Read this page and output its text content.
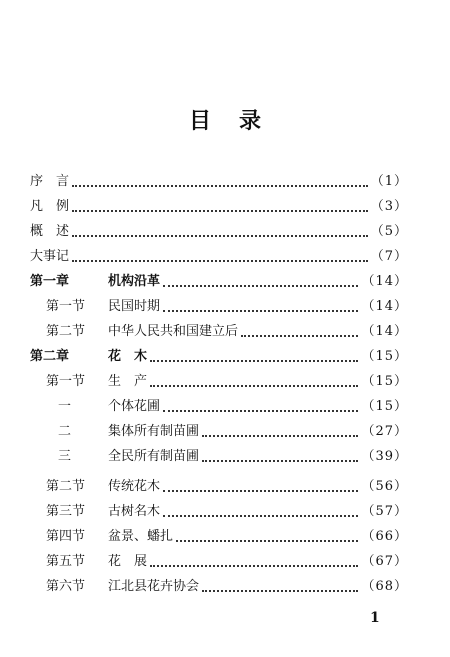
目录
序　言	（1）
凡　例	（3）
概　述	（5）
大事记	（7）
第一章	机构沿革	（14）
第一节	民国时期	（14）
第二节	中华人民共和国建立后	（14）
第二章	花　木	（15）
第一节	生　产	（15）
一	个体花圃	（15）
二	集体所有制苗圃	（27）
三	全民所有制苗圃	（39）
第二节	传统花木	（56）
第三节	古树名木	（57）
第四节	盆景、蟠扎	（66）
第五节	花　展	（67）
第六节	江北县花卉协会	（68）
1
